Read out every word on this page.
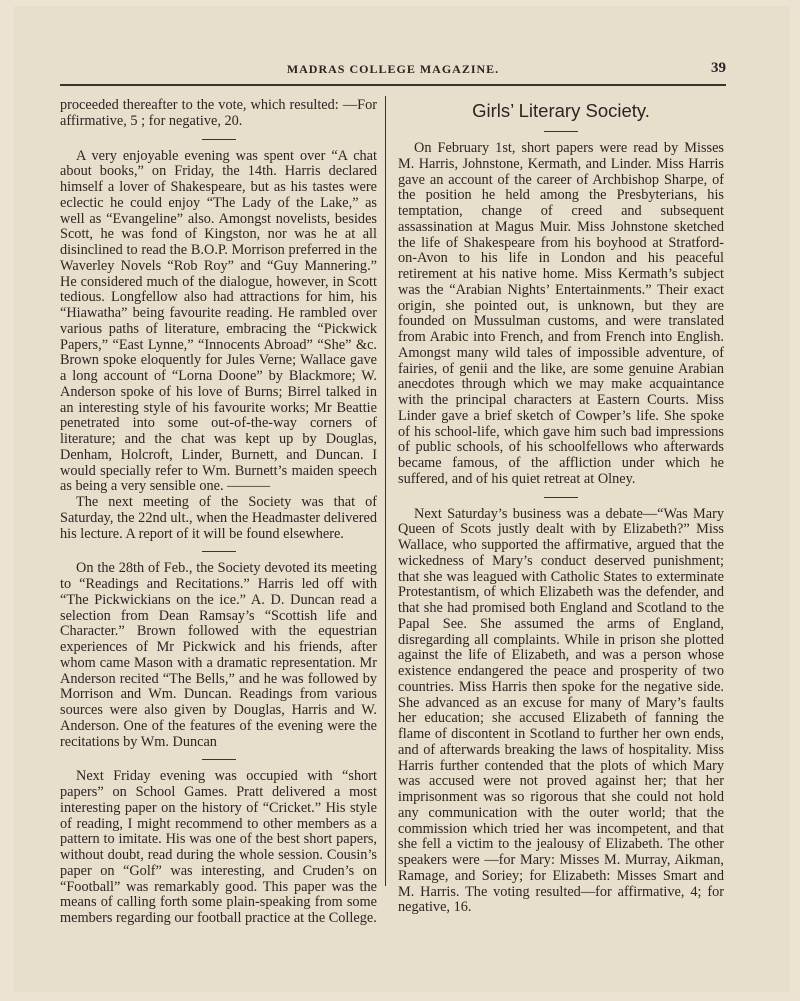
MADRAS COLLEGE MAGAZINE.	39

proceeded thereafter to the vote, which resulted: —For affirmative, 5 ; for negative, 20.

A very enjoyable evening was spent over “A chat about books,” on Friday, the 14th. Harris declared himself a lover of Shakespeare, but as his tastes were eclectic he could enjoy “The Lady of the Lake,” as well as “Evangeline” also. Amongst novelists, besides Scott, he was fond of Kingston, nor was he at all disinclined to read the B.O.P. Morrison preferred in the Waverley Novels “Rob Roy” and “Guy Mannering.” He considered much of the dialogue, however, in Scott tedious. Longfellow also had attractions for him, his “Hiawatha” being favourite reading. He rambled over various paths of literature, embracing the “Pickwick Papers,” “East Lynne,” “Innocents Abroad” “She” &c. Brown spoke eloquently for Jules Verne; Wallace gave a long account of “Lorna Doone” by Blackmore; W. Anderson spoke of his love of Burns; Birrel talked in an interesting style of his favourite works; Mr Beattie penetrated into some out-of-the-way corners of literature; and the chat was kept up by Douglas, Denham, Holcroft, Linder, Burnett, and Duncan. I would specially refer to Wm. Burnett’s maiden speech as being a very sensible one. ———

The next meeting of the Society was that of Saturday, the 22nd ult., when the Headmaster delivered his lecture. A report of it will be found elsewhere.

On the 28th of Feb., the Society devoted its meeting to “Readings and Recitations.” Harris led off with “The Pickwickians on the ice.” A. D. Duncan read a selection from Dean Ramsay’s “Scottish life and Character.” Brown followed with the equestrian experiences of Mr Pickwick and his friends, after whom came Mason with a dramatic representation. Mr Anderson recited “The Bells,” and he was followed by Morrison and Wm. Duncan. Readings from various sources were also given by Douglas, Harris and W. Anderson. One of the features of the evening were the recitations by Wm. Duncan

Next Friday evening was occupied with “short papers” on School Games. Pratt delivered a most interesting paper on the history of “Cricket.” His style of reading, I might recommend to other members as a pattern to imitate. His was one of the best short papers, without doubt, read during the whole session. Cousin’s paper on “Golf” was interesting, and Cruden’s on “Football” was remarkably good. This paper was the means of calling forth some plain-speaking from some members regarding our football practice at the College.

Girls’ Literary Society.

On February 1st, short papers were read by Misses M. Harris, Johnstone, Kermath, and Linder. Miss Harris gave an account of the career of Archbishop Sharpe, of the position he held among the Presbyterians, his temptation, change of creed and subsequent assassination at Magus Muir. Miss Johnstone sketched the life of Shakespeare from his boyhood at Stratford-on-Avon to his life in London and his peaceful retirement at his native home. Miss Kermath’s subject was the “Arabian Nights’ Entertainments.” Their exact origin, she pointed out, is unknown, but they are founded on Mussulman customs, and were translated from Arabic into French, and from French into English. Amongst many wild tales of impossible adventure, of fairies, of genii and the like, are some genuine Arabian anecdotes through which we may make acquaintance with the principal characters at Eastern Courts. Miss Linder gave a brief sketch of Cowper’s life. She spoke of his school-life, which gave him such bad impressions of public schools, of his schoolfellows who afterwards became famous, of the affliction under which he suffered, and of his quiet retreat at Olney.

Next Saturday’s business was a debate—“Was Mary Queen of Scots justly dealt with by Elizabeth?” Miss Wallace, who supported the affirmative, argued that the wickedness of Mary’s conduct deserved punishment; that she was leagued with Catholic States to exterminate Protestantism, of which Elizabeth was the defender, and that she had promised both England and Scotland to the Papal See. She assumed the arms of England, disregarding all complaints. While in prison she plotted against the life of Elizabeth, and was a person whose existence endangered the peace and prosperity of two countries. Miss Harris then spoke for the negative side. She advanced as an excuse for many of Mary’s faults her education; she accused Elizabeth of fanning the flame of discontent in Scotland to further her own ends, and of afterwards breaking the laws of hospitality. Miss Harris further contended that the plots of which Mary was accused were not proved against her; that her imprisonment was so rigorous that she could not hold any communication with the outer world; that the commission which tried her was incompetent, and that she fell a victim to the jealousy of Elizabeth. The other speakers were —for Mary: Misses M. Murray, Aikman, Ramage, and Soriey; for Elizabeth: Misses Smart and M. Harris. The voting resulted—for affirmative, 4; for negative, 16.
